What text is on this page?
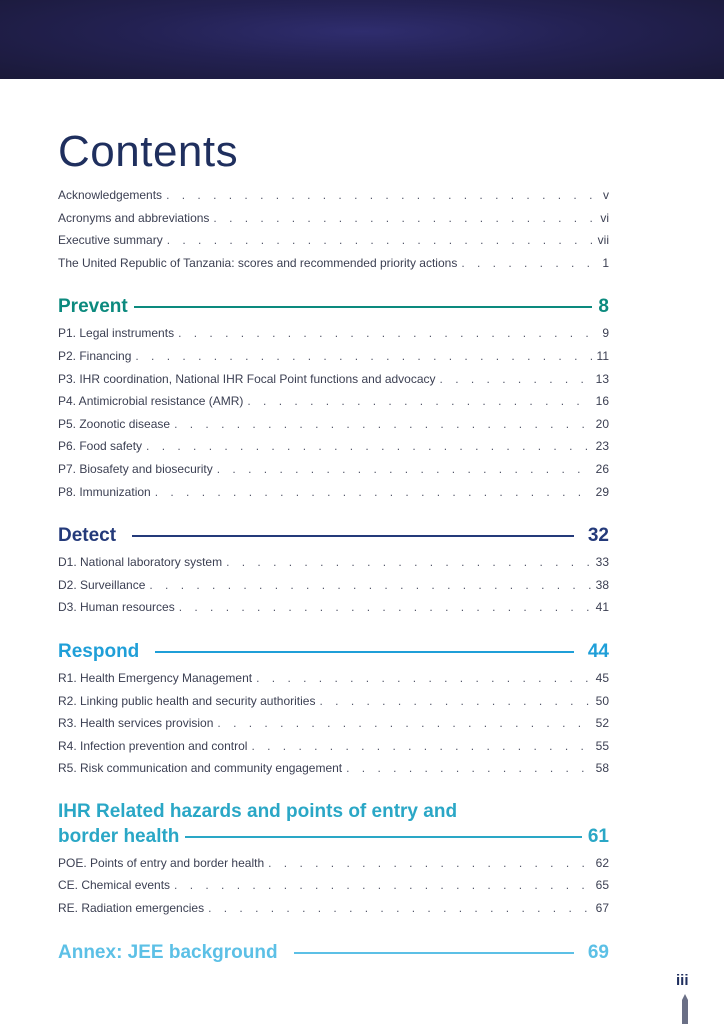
Contents
Acknowledgements . . .	v
Acronyms and abbreviations . . .	vi
Executive summary . . .	vii
The United Republic of Tanzania: scores and recommended priority actions . . .	1
Prevent	8
P1. Legal instruments . . .	9
P2. Financing . . .	11
P3. IHR coordination, National IHR Focal Point functions and advocacy . . .	13
P4. Antimicrobial resistance (AMR) . . .	16
P5. Zoonotic disease . . .	20
P6. Food safety . . .	23
P7. Biosafety and biosecurity . . .	26
P8. Immunization . . .	29
Detect	32
D1. National laboratory system . . .	33
D2. Surveillance . . .	38
D3. Human resources . . .	41
Respond	44
R1. Health Emergency Management . . .	45
R2. Linking public health and security authorities . . .	50
R3. Health services provision . . .	52
R4. Infection prevention and control . . .	55
R5. Risk communication and community engagement . . .	58
IHR Related hazards and points of entry and
border health	61
POE. Points of entry and border health . . .	62
CE. Chemical events . . .	65
RE. Radiation emergencies . . .	67
Annex: JEE background	69
iii
